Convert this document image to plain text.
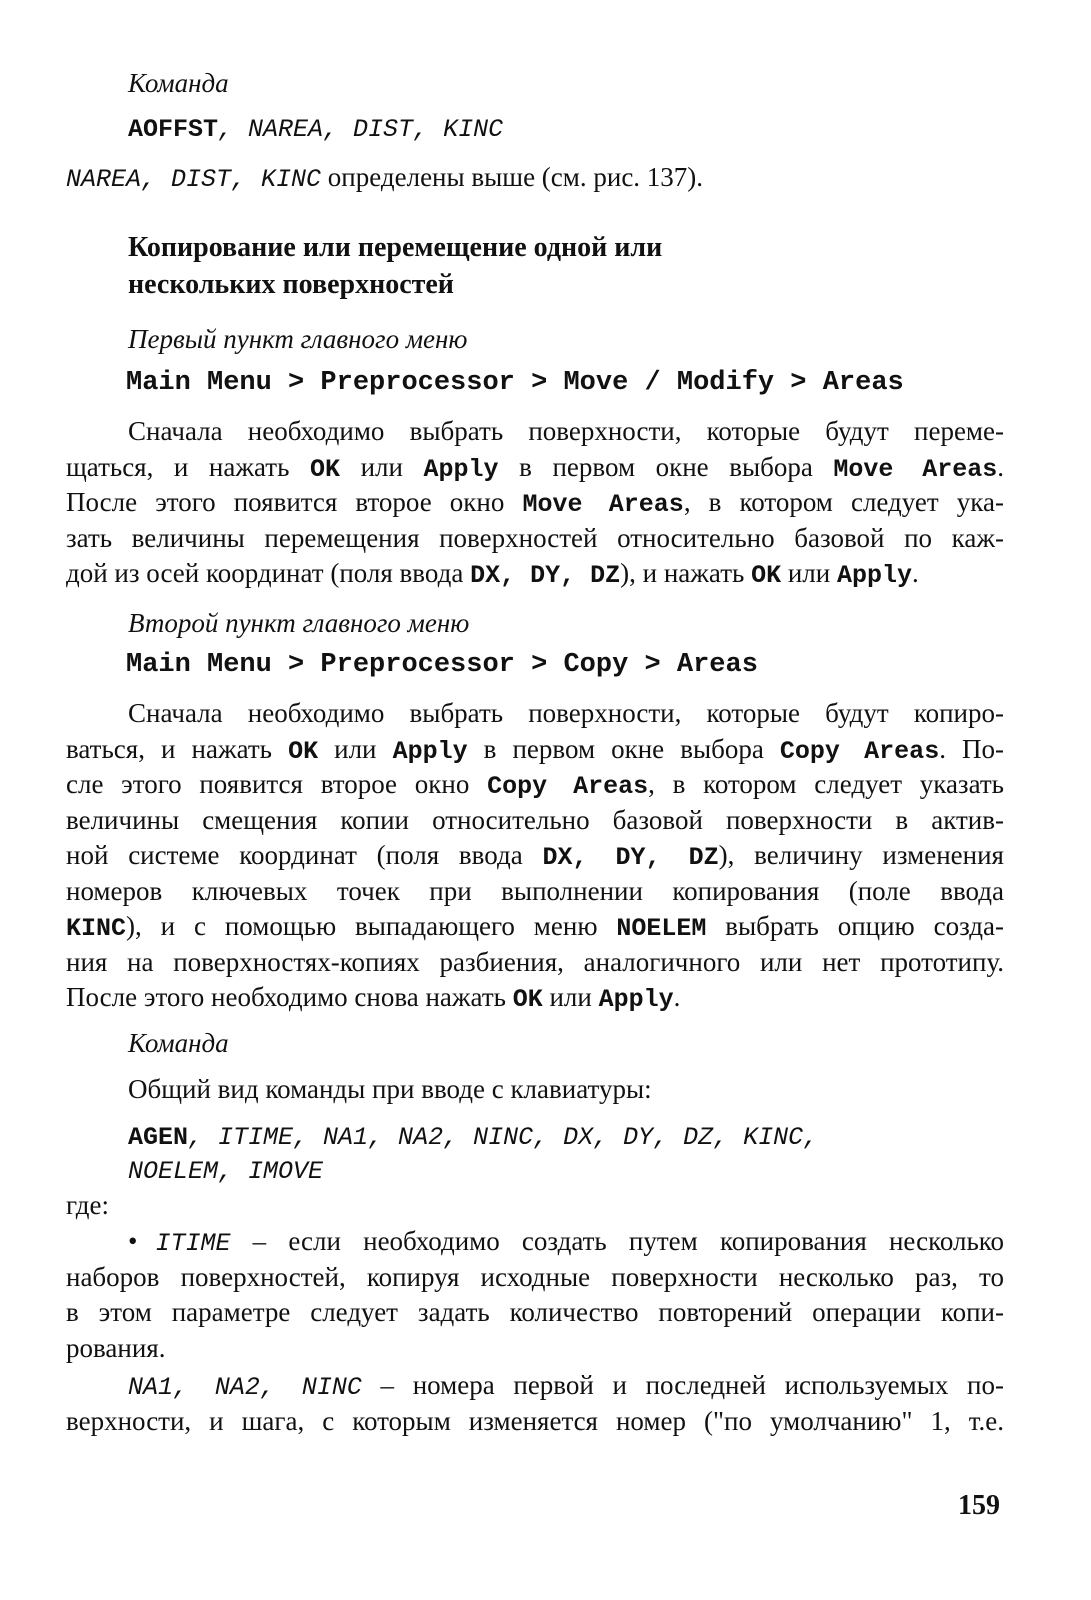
Команда
AOFFST, NAREA, DIST, KINC
NAREA, DIST, KINC определены выше (см. рис. 137).
Копирование или перемещение одной или
нескольких поверхностей
Первый пункт главного меню
Main Menu > Preprocessor > Move / Modify > Areas
Сначала необходимо выбрать поверхности, которые будут переме-
щаться, и нажать OK или Apply в первом окне выбора Move Areas.
После этого появится второе окно Move Areas, в котором следует ука-
зать величины перемещения поверхностей относительно базовой по каж-
дой из осей координат (поля ввода DX, DY, DZ), и нажать OK или Apply.
Второй пункт главного меню
Main Menu > Preprocessor > Copy > Areas
Сначала необходимо выбрать поверхности, которые будут копиро-
ваться, и нажать OK или Apply в первом окне выбора Copy Areas. По-
сле этого появится второе окно Copy Areas, в котором следует указать
величины смещения копии относительно базовой поверхности в актив-
ной системе координат (поля ввода DX, DY, DZ), величину изменения
номеров ключевых точек при выполнении копирования (поле ввода
KINC), и с помощью выпадающего меню NOELEM выбрать опцию созда-
ния на поверхностях-копиях разбиения, аналогичного или нет прототипу.
После этого необходимо снова нажать OK или Apply.
Команда
Общий вид команды при вводе с клавиатуры:
AGEN, ITIME, NA1, NA2, NINC, DX, DY, DZ, KINC,
NOELEM, IMOVE
где:
• ITIME – если необходимо создать путем копирования несколько
наборов поверхностей, копируя исходные поверхности несколько раз, то
в этом параметре следует задать количество повторений операции копи-
рования.
NA1, NA2, NINC – номера первой и последней используемых по-
верхности, и шага, с которым изменяется номер ("по умолчанию" 1, т.е.
159
